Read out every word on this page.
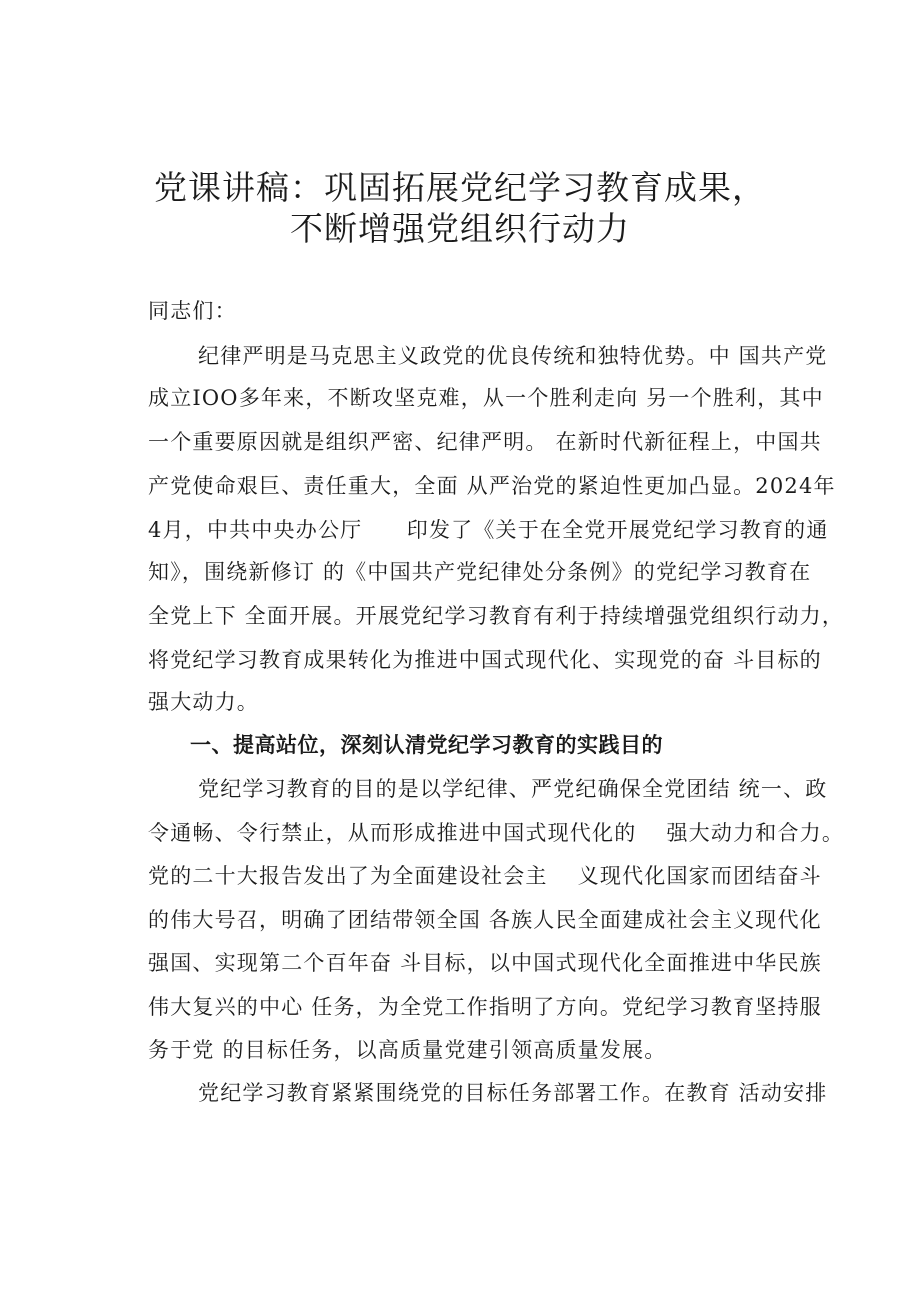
党课讲稿：巩固拓展党纪学习教育成果，
不断增强党组织行动力

同志们：

纪律严明是马克思主义政党的优良传统和独特优势。中 国共产党

成立IOO多年来，不断攻坚克难，从一个胜利走向 另一个胜利，其中

一个重要原因就是组织严密、纪律严明。 在新时代新征程上，中国共

产党使命艰巨、责任重大，全面 从严治党的紧迫性更加凸显。2024年

4月，中共中央办公厅　　印发了《关于在全党开展党纪学习教育的通

知》，围绕新修订 的《中国共产党纪律处分条例》的党纪学习教育在

全党上下 全面开展。开展党纪学习教育有利于持续增强党组织行动力，

将党纪学习教育成果转化为推进中国式现代化、实现党的奋 斗目标的

强大动力。

一、提高站位，深刻认清党纪学习教育的实践目的

党纪学习教育的目的是以学纪律、严党纪确保全党团结 统一、政

令通畅、令行禁止，从而形成推进中国式现代化的　 强大动力和合力。

党的二十大报告发出了为全面建设社会主　 义现代化国家而团结奋斗

的伟大号召，明确了团结带领全国 各族人民全面建成社会主义现代化

强国、实现第二个百年奋 斗目标，以中国式现代化全面推进中华民族

伟大复兴的中心 任务，为全党工作指明了方向。党纪学习教育坚持服

务于党 的目标任务，以高质量党建引领高质量发展。

党纪学习教育紧紧围绕党的目标任务部署工作。在教育 活动安排
